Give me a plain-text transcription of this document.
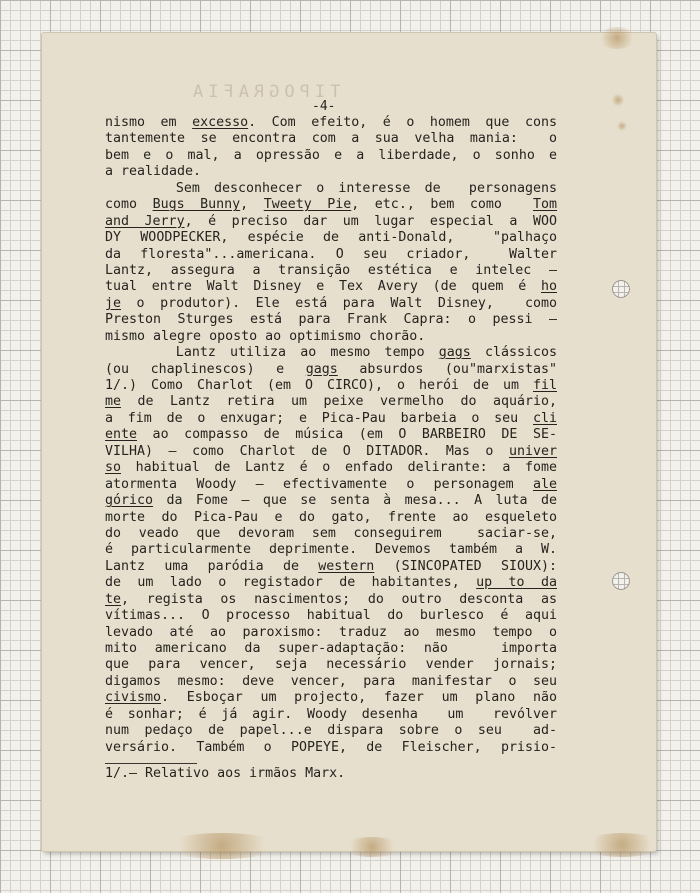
TIPOGRAFIA
-4-
nismo em excesso. Com efeito, é o homem que cons
tantemente se encontra com a sua velha mania:  o
bem e o mal, a opressão e a liberdade, o sonho e
a realidade.
Sem desconhecer o interesse de  personagens
como Bugs Bunny, Tweety Pie, etc., bem como  Tom
and Jerry, é preciso dar um lugar especial a WOO
DY WOODPECKER, espécie de anti-Donald,  "palhaço
da floresta"...americana. O seu criador,  Walter
Lantz, assegura a transição estética e intelec —
tual entre Walt Disney e Tex Avery (de quem é ho
je o produtor). Ele está para Walt Disney,  como
Preston Sturges está para Frank Capra: o pessi —
mismo alegre oposto ao optimismo chorão.
Lantz utiliza ao mesmo tempo gags clássicos
(ou chaplinescos) e gags absurdos (ou"marxistas"
1/.) Como Charlot (em O CIRCO), o herói de um fil
me de Lantz retira um peixe vermelho do aquário,
a fim de o enxugar; e Pica-Pau barbeia o seu cli
ente ao compasso de música (em O BARBEIRO DE SE-
VILHA) — como Charlot de O DITADOR. Mas o univer
so habitual de Lantz é o enfado delirante: a fome
atormenta Woody — efectivamente o personagem ale
górico da Fome — que se senta à mesa... A luta de
morte do Pica-Pau e do gato, frente ao esqueleto
do veado que devoram sem conseguirem  saciar-se,
é particularmente deprimente. Devemos também a W.
Lantz uma paródia de western (SINCOPATED SIOUX):
de um lado o registador de habitantes, up to da
te, regista os nascimentos; do outro desconta as
vítimas... O processo habitual do burlesco é aqui
levado até ao paroxismo: traduz ao mesmo tempo o
mito americano da super-adaptação: não   importa
que para vencer, seja necessário vender jornais;
digamos mesmo: deve vencer, para manifestar o seu
civismo. Esboçar um projecto, fazer um plano não
é sonhar; é já agir. Woody desenha  um  revólver
num pedaço de papel...e dispara sobre o seu  ad-
versário. Também o POPEYE, de Fleischer, prisio-
1/.— Relativo aos irmãos Marx.
